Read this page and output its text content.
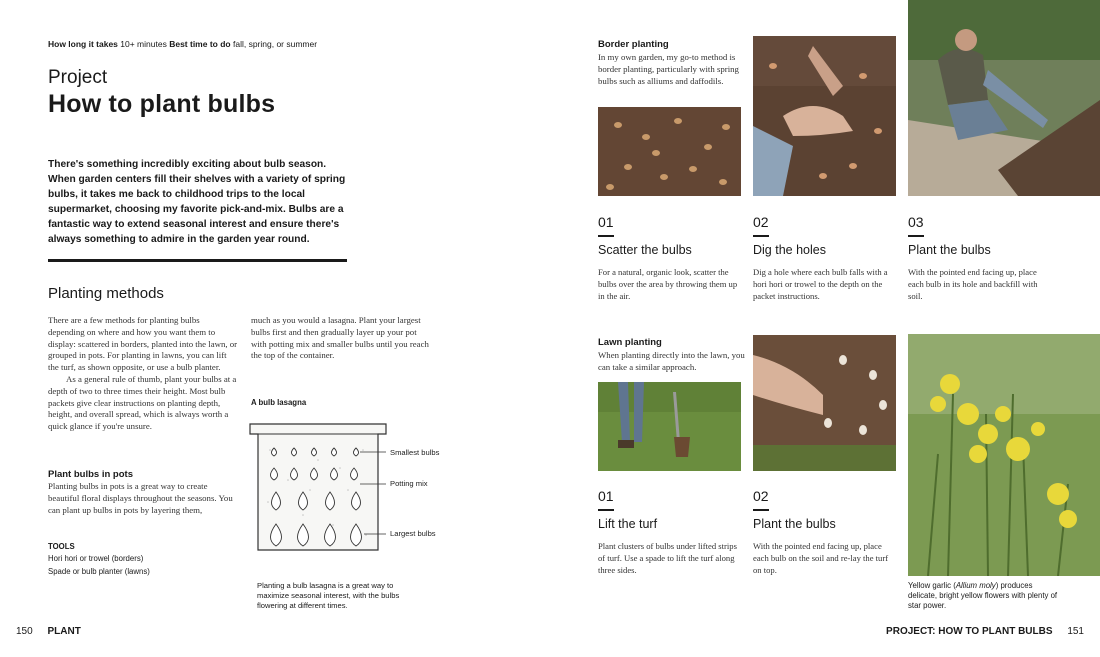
How long it takes 10+ minutes Best time to do fall, spring, or summer
Project
How to plant bulbs

There's something incredibly exciting about bulb season. When garden centers fill their shelves with a variety of spring bulbs, it takes me back to childhood trips to the local supermarket, choosing my favorite pick-and-mix. Bulbs are a fantastic way to extend seasonal interest and ensure there's always something to admire in the garden year round.

Planting methods

There are a few methods for planting bulbs depending on where and how you want them to display: scattered in borders, planted into the lawn, or grouped in pots. For planting in lawns, you can lift the turf, as shown opposite, or use a bulb planter.

As a general rule of thumb, plant your bulbs at a depth of two to three times their height. Most bulb packets give clear instructions on planting depth, height, and overall spread, which is always worth a quick glance if you're unsure.

Plant bulbs in pots

Planting bulbs in pots is a great way to create beautiful floral displays throughout the seasons. You can plant up bulbs in pots by layering them,

TOOLS
Hori hori or trowel (borders)
Spade or bulb planter (lawns)

much as you would a lasagna. Plant your largest bulbs first and then gradually layer up your pot with potting mix and smaller bulbs until you reach the top of the container.

A bulb lasagna
Smallest bulbs
Potting mix
Largest bulbs

Planting a bulb lasagna is a great way to maximize seasonal interest, with the bulbs flowering at different times.

150 PLANT
Border planting

In my own garden, my go-to method is border planting, particularly with spring bulbs such as alliums and daffodils.

01
Scatter the bulbs

For a natural, organic look, scatter the bulbs over the area by throwing them up in the air.

02
Dig the holes

Dig a hole where each bulb falls with a hori hori or trowel to the depth on the packet instructions.

03
Plant the bulbs

With the pointed end facing up, place each bulb in its hole and backfill with soil.

Lawn planting

When planting directly into the lawn, you can take a similar approach.

01
Lift the turf

Plant clusters of bulbs under lifted strips of turf. Use a spade to lift the turf along three sides.

02
Plant the bulbs

With the pointed end facing up, place each bulb on the soil and re-lay the turf on top.

Yellow garlic (Allium moly) produces delicate, bright yellow flowers with plenty of star power.

PROJECT: HOW TO PLANT BULBS 151
